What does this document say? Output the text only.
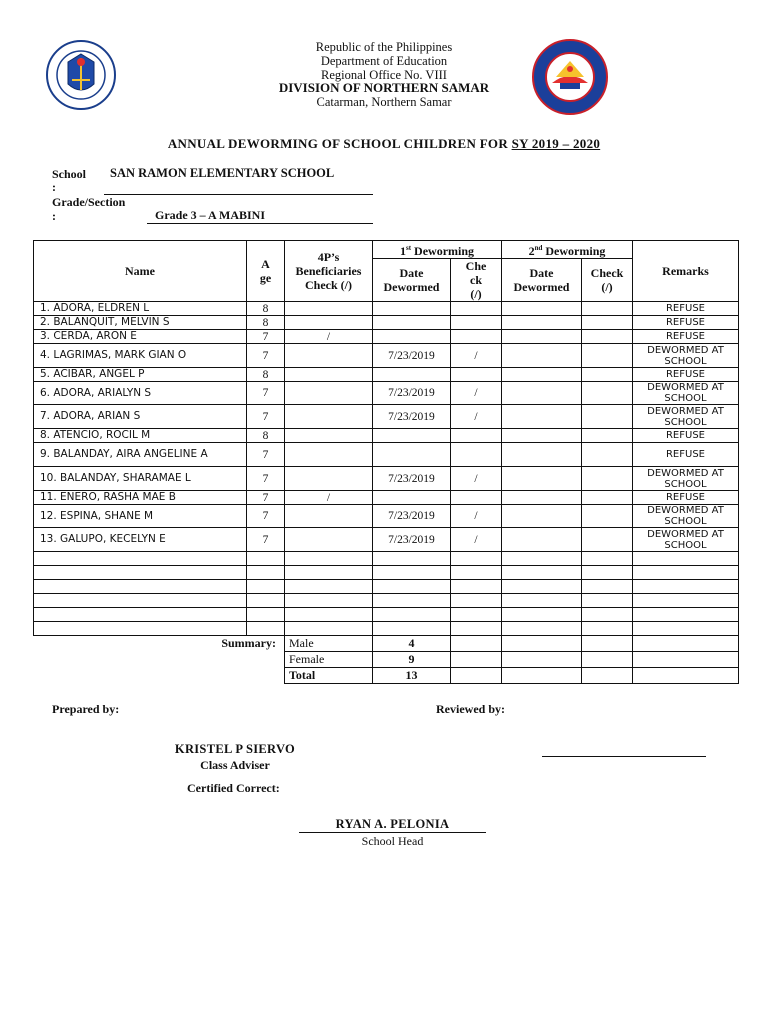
Republic of the Philippines
Department of Education
Regional Office No. VIII
DIVISION OF NORTHERN SAMAR
Catarman, Northern Samar
ANNUAL DEWORMING OF SCHOOL CHILDREN FOR SY 2019 – 2020
School
:
SAN RAMON ELEMENTARY SCHOOL
Grade/Section
:	Grade 3 – A MABINI
Name	Age	4P’s Beneficiaries Check (/)	1st Deworming		2nd Deworming		Remarks
			Date Dewormed	Check (/)	Date Dewormed	Check (/)	
1. ADORA, ELDREN L	8						REFUSE
2. BALANQUIT, MELVIN S	8						REFUSE
3. CERDA, ARON E	7	/					REFUSE
4. LAGRIMAS, MARK GIAN O	7		7/23/2019	/			DEWORMED AT SCHOOL
5. ACIBAR, ANGEL P	8						REFUSE
6. ADORA, ARIALYN S	7		7/23/2019	/			DEWORMED AT SCHOOL
7. ADORA, ARIAN S	7		7/23/2019	/			DEWORMED AT SCHOOL
8. ATENCIO, ROCIL M	8						REFUSE
9. BALANDAY, AIRA ANGELINE A	7						REFUSE
10. BALANDAY, SHARAMAE L	7		7/23/2019	/			DEWORMED AT SCHOOL
11. ENERO, RASHA MAE B	7	/					REFUSE
12. ESPINA, SHANE M	7		7/23/2019	/			DEWORMED AT SCHOOL
13. GALUPO, KECELYN E	7		7/23/2019	/			DEWORMED AT SCHOOL

Summary:		Male	4				
		Female	9				
		Total	13				
Prepared by:	Reviewed by:
KRISTEL P SIERVO
Class Adviser
Certified Correct:
RYAN A. PELONIA
School Head
